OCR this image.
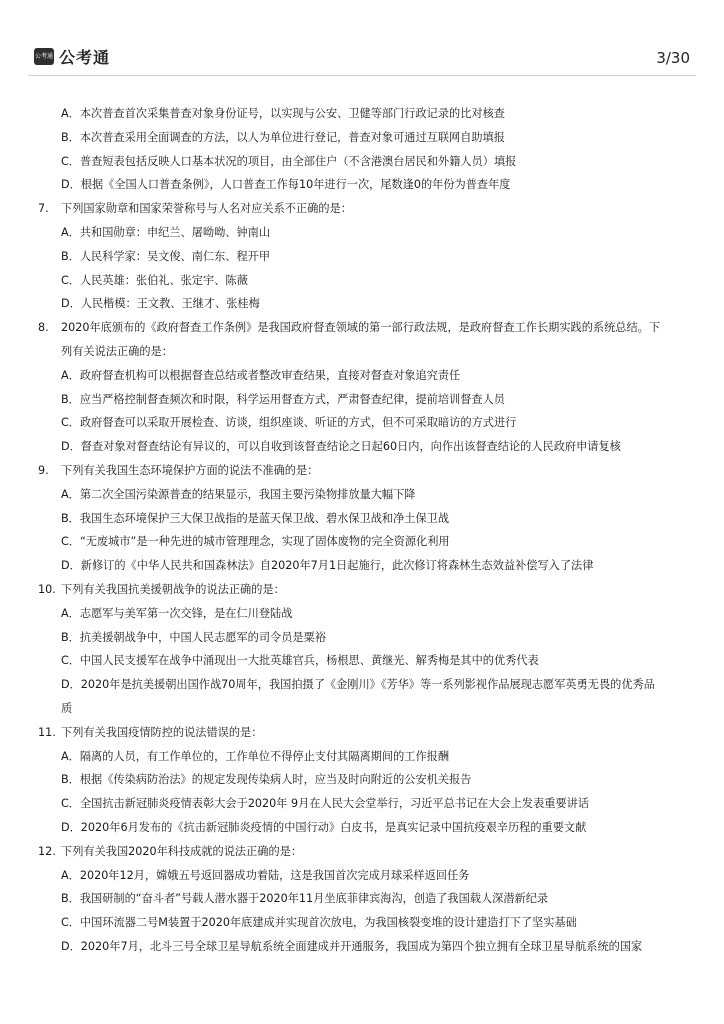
公考通 公考通	3/30
A．本次普查首次采集普查对象身份证号，以实现与公安、卫健等部门行政记录的比对核查
B．本次普查采用全面调查的方法，以人为单位进行登记，普查对象可通过互联网自助填报
C．普查短表包括反映人口基本状况的项目，由全部住户（不含港澳台居民和外籍人员）填报
D．根据《全国人口普查条例》，人口普查工作每10年进行一次，尾数逢0的年份为普查年度
7. 下列国家勋章和国家荣誉称号与人名对应关系不正确的是：
A．共和国勋章：申纪兰、屠呦呦、钟南山
B．人民科学家：吴文俊、南仁东、程开甲
C．人民英雄：张伯礼、张定宇、陈薇
D．人民楷模：王文教、王继才、张桂梅
8. 2020年底颁布的《政府督查工作条例》是我国政府督查领域的第一部行政法规，是政府督查工作长期实践的系统总结。下
列有关说法正确的是：
A．政府督查机构可以根据督查总结或者整改审查结果，直接对督查对象追究责任
B．应当严格控制督查频次和时限，科学运用督查方式，严肃督查纪律，提前培训督查人员
C．政府督查可以采取开展检查、访谈，组织座谈、听证的方式，但不可采取暗访的方式进行
D．督查对象对督查结论有异议的，可以自收到该督查结论之日起60日内，向作出该督查结论的人民政府申请复核
9. 下列有关我国生态环境保护方面的说法不准确的是：
A．第二次全国污染源普查的结果显示，我国主要污染物排放量大幅下降
B．我国生态环境保护三大保卫战指的是蓝天保卫战、碧水保卫战和净土保卫战
C．“无废城市”是一种先进的城市管理理念，实现了固体废物的完全资源化利用
D．新修订的《中华人民共和国森林法》自2020年7月1日起施行，此次修订将森林生态效益补偿写入了法律
10. 下列有关我国抗美援朝战争的说法正确的是：
A．志愿军与美军第一次交锋，是在仁川登陆战
B．抗美援朝战争中，中国人民志愿军的司令员是粟裕
C．中国人民支援军在战争中涌现出一大批英雄官兵，杨根思、黄继光、解秀梅是其中的优秀代表
D．2020年是抗美援朝出国作战70周年，我国拍摄了《金刚川》《芳华》等一系列影视作品展现志愿军英勇无畏的优秀品
质
11. 下列有关我国疫情防控的说法错误的是：
A．隔离的人员，有工作单位的，工作单位不得停止支付其隔离期间的工作报酬
B．根据《传染病防治法》的规定发现传染病人时，应当及时向附近的公安机关报告
C．全国抗击新冠肺炎疫情表彰大会于2020年 9月在人民大会堂举行，习近平总书记在大会上发表重要讲话
D．2020年6月发布的《抗击新冠肺炎疫情的中国行动》白皮书，是真实记录中国抗疫艰辛历程的重要文献
12. 下列有关我国2020年科技成就的说法正确的是：
A．2020年12月，嫦娥五号返回器成功着陆，这是我国首次完成月球采样返回任务
B．我国研制的“奋斗者”号载人潜水器于2020年11月坐底菲律宾海沟，创造了我国载人深潜新纪录
C．中国环流器二号M装置于2020年底建成并实现首次放电，为我国核裂变堆的设计建造打下了坚实基础
D．2020年7月，北斗三号全球卫星导航系统全面建成并开通服务，我国成为第四个独立拥有全球卫星导航系统的国家
